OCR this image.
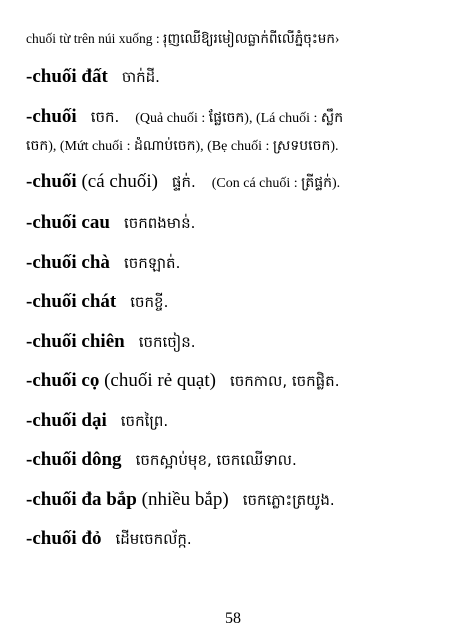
chuối từ trên núi xuống : រុញឈើឱ្យរមៀលធ្លាក់ពីលើភ្នំចុះមក›
-chuối đất ចាក់ដី.
-chuối ចេក. (Quả chuối : ផ្លែចេក), (Lá chuối : ស្លឹក
ចេក), (Mứt chuối : ដំណាប់ចេក), (Bẹ chuối : ស្រទបចេក).
-chuối (cá chuối) ផ្ទក់. (Con cá chuối : ត្រីផ្ទក់).
-chuối cau ចេកពងមាន់.
-chuối chà ចេកឡាត់.
-chuối chát ចេកខ្ចី.
-chuối chiên ចេកចៀន.
-chuối cọ (chuối rẻ quạt) ចេកកាល, ចេកផ្លិត.
-chuối dại ចេកព្រៃ.
-chuối dông ចេកស្អាប់មុខ, ចេកឈើទាល.
-chuối đa bắp (nhiều bắp) ចេកភ្លោះត្រយូង.
-chuối đỏ ដើមចេកល័ក្ក.
58
